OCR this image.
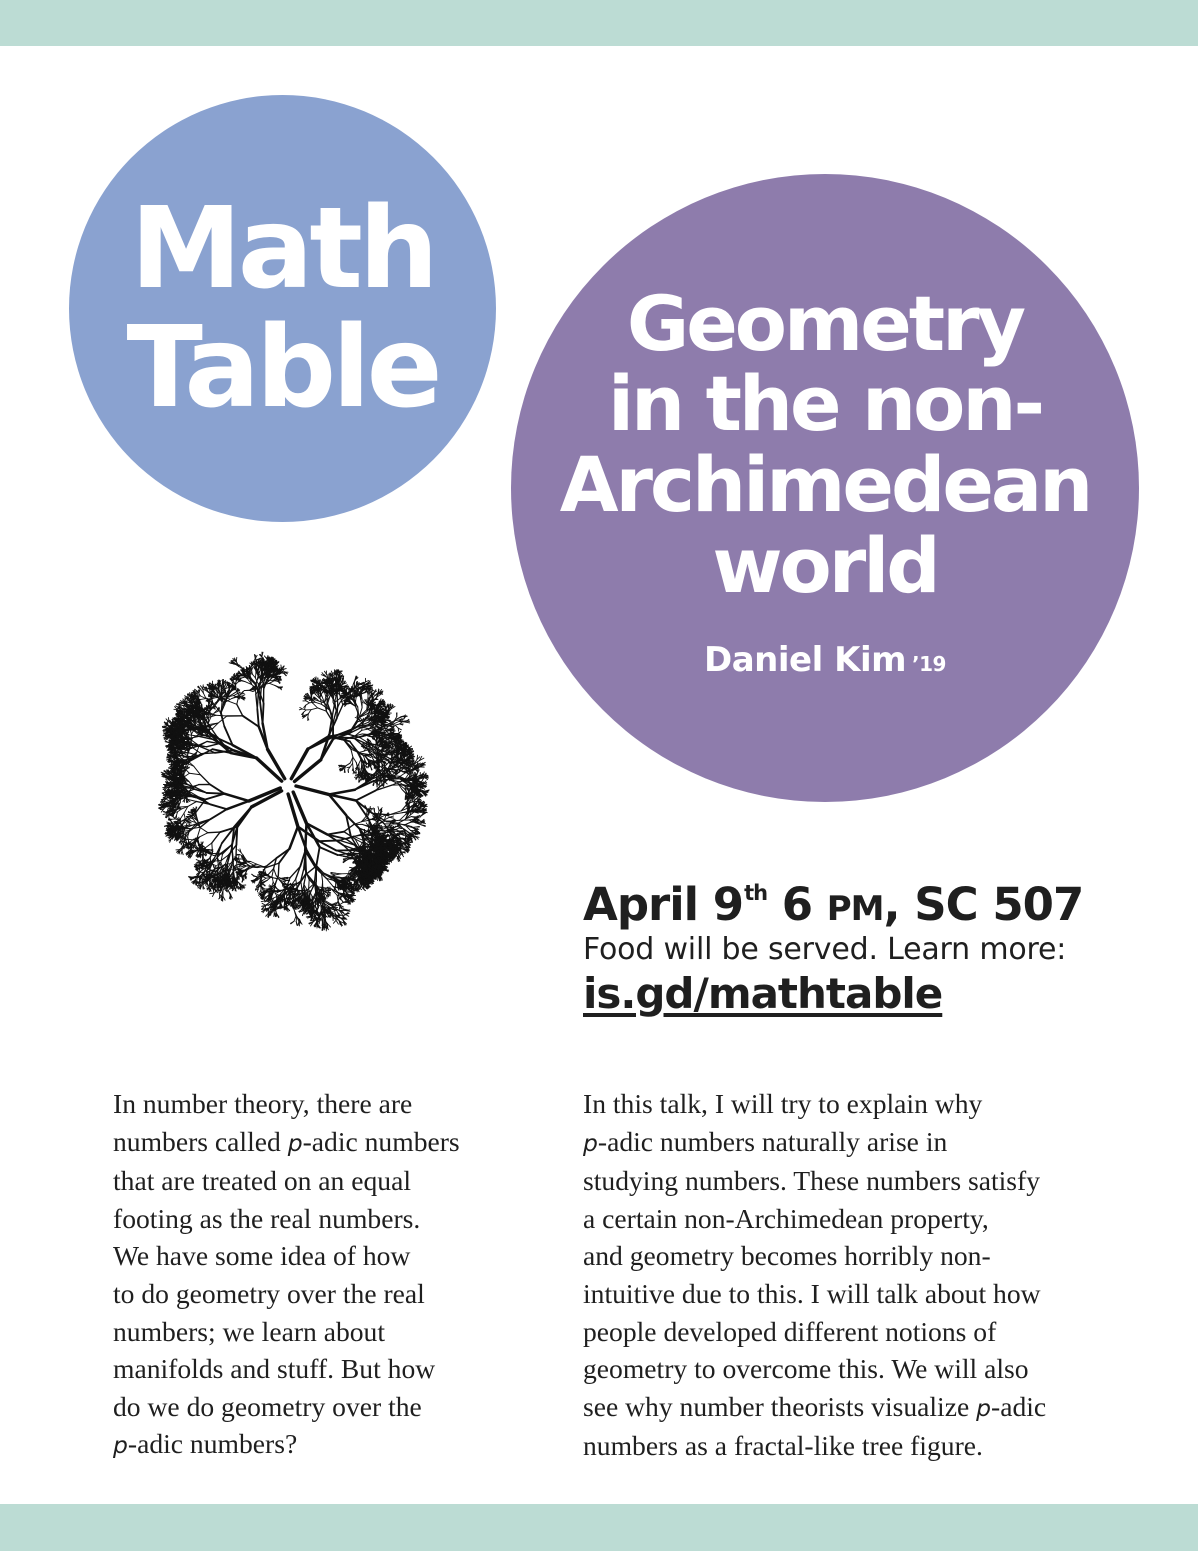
Math
Table	Geometry
in the non-
Archimedean
world
Daniel Kim ’19
April 9th 6 PM, SC 507
Food will be served. Learn more:
is.gd/mathtable
In number theory, there are
numbers called p-adic numbers
that are treated on an equal
footing as the real numbers.
We have some idea of how
to do geometry over the real
numbers; we learn about
manifolds and stuff. But how
do we do geometry over the
p-adic numbers?
In this talk, I will try to explain why
p-adic numbers naturally arise in
studying numbers. These numbers satisfy
a certain non-Archimedean property,
and geometry becomes horribly non-
intuitive due to this. I will talk about how
people developed different notions of
geometry to overcome this. We will also
see why number theorists visualize p-adic
numbers as a fractal-like tree figure.
